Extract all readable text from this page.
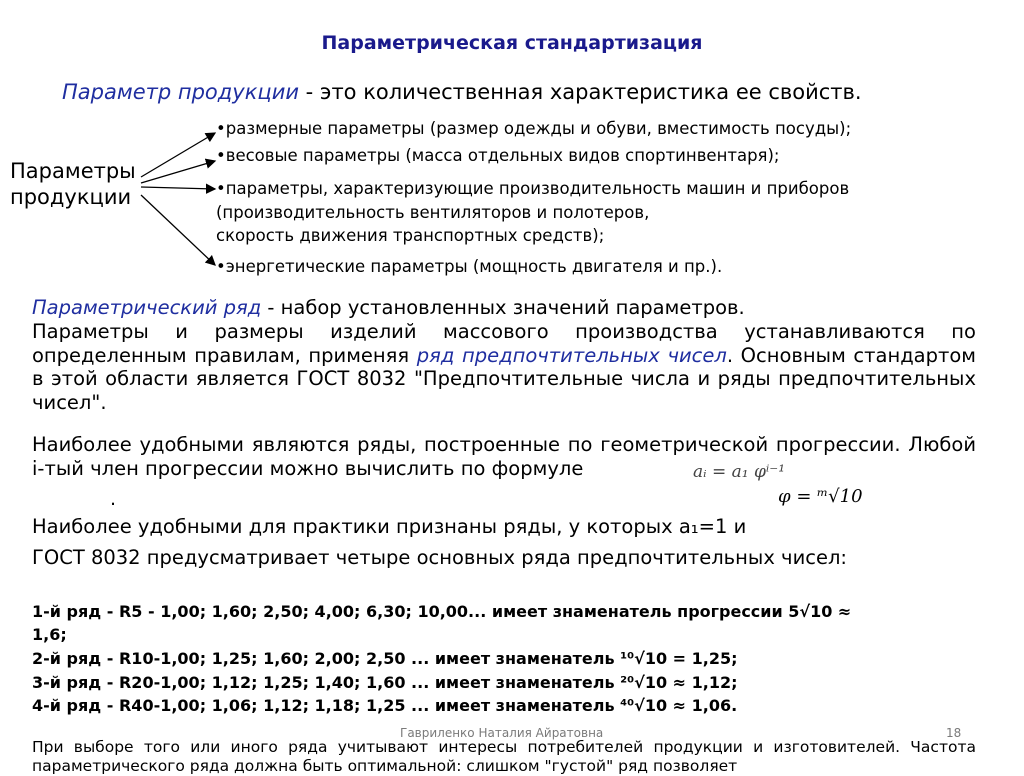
Параметрическая стандартизация
Параметр продукции - это количественная характеристика ее свойств.
Параметры продукции
•размерные параметры (размер одежды и обуви, вместимость посуды);
•весовые параметры (масса отдельных видов спортинвентаря);
•параметры, характеризующие производительность машин и приборов
(производительность вентиляторов и полотеров,
скорость движения транспортных средств);
•энергетические параметры (мощность двигателя и пр.).
Параметрический ряд - набор установленных значений параметров.
Параметры и размеры изделий массового производства устанавливаются по определенным правилам, применяя ряд предпочтительных чисел. Основным стандартом в этой области является ГОСТ 8032 "Предпочтительные числа и ряды предпочтительных чисел".
Наиболее удобными являются ряды, построенные по геометрической прогрессии. Любой i-тый член прогрессии можно вычислить по формуле
.
aᵢ = a₁ φⁱ⁻¹
φ = ᵐ√10
Наиболее удобными для практики признаны ряды, у которых a₁=1 и
ГОСТ 8032 предусматривает четыре основных ряда предпочтительных чисел:
1-й ряд - R5 - 1,00; 1,60; 2,50; 4,00; 6,30; 10,00... имеет знаменатель прогрессии 5√10 ≈
1,6;
2-й ряд - R10-1,00; 1,25; 1,60; 2,00; 2,50 ... имеет знаменатель ¹⁰√10 = 1,25;
3-й ряд - R20-1,00; 1,12; 1,25; 1,40; 1,60 ... имеет знаменатель ²⁰√10 ≈ 1,12;
4-й ряд - R40-1,00; 1,06; 1,12; 1,18; 1,25 ... имеет знаменатель ⁴⁰√10 ≈ 1,06.
Гавриленко Наталия Айратовна	18
При выборе того или иного ряда учитывают интересы потребителей продукции и изготовителей. Частота параметрического ряда должна быть оптимальной: слишком "густой" ряд позволяет
